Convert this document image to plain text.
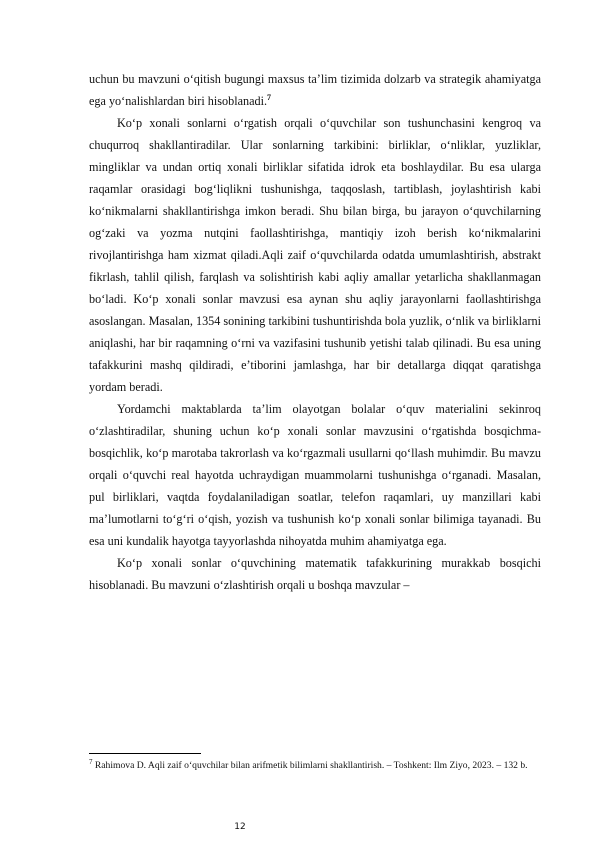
uchun bu mavzuni o‘qitish bugungi maxsus ta’lim tizimida dolzarb va strategik ahamiyatga ega yo‘nalishlardan biri hisoblanadi.$^7$

Ko‘p xonali sonlarni o‘rgatish orqali o‘quvchilar son tushunchasini kengroq va chuqurroq shakllantiradilar. Ular sonlarning tarkibini: birliklar, o‘nliklar, yuzliklar, mingliklar va undan ortiq xonali birliklar sifatida idrok eta boshlaydilar. Bu esa ularga raqamlar orasidagi bog‘liqlikni tushunishga, taqqoslash, tartiblash, joylashtirish kabi ko‘nikmalarni shakllantirishga imkon beradi. Shu bilan birga, bu jarayon o‘quvchilarning og‘zaki va yozma nutqini faollashtirishga, mantiqiy izoh berish ko‘nikmalarini rivojlantirishga ham xizmat qiladi.Aqli zaif o‘quvchilarda odatda umumlashtirish, abstrakt fikrlash, tahlil qilish, farqlash va solishtirish kabi aqliy amallar yetarlicha shakllanmagan bo‘ladi. Ko‘p xonali sonlar mavzusi esa aynan shu aqliy jarayonlarni faollashtirishga asoslangan. Masalan, 1354 sonining tarkibini tushuntirishda bola yuzlik, o‘nlik va birliklarni aniqlashi, har bir raqamning o‘rni va vazifasini tushunib yetishi talab qilinadi. Bu esa uning tafakkurini mashq qildiradi, e’tiborini jamlashga, har bir detallarga diqqat qaratishga yordam beradi.

Yordamchi maktablarda ta’lim olayotgan bolalar o‘quv materialini sekinroq o‘zlashtiradilar, shuning uchun ko‘p xonali sonlar mavzusini o‘rgatishda bosqichma-bosqichlik, ko‘p marotaba takrorlash va ko‘rgazmali usullarni qo‘llash muhimdir. Bu mavzu orqali o‘quvchi real hayotda uchraydigan muammolarni tushunishga o‘rganadi. Masalan, pul birliklari, vaqtda foydalaniladigan soatlar, telefon raqamlari, uy manzillari kabi ma’lumotlarni to‘g‘ri o‘qish, yozish va tushunish ko‘p xonali sonlar bilimiga tayanadi. Bu esa uni kundalik hayotga tayyorlashda nihoyatda muhim ahamiyatga ega.

Ko‘p xonali sonlar o‘quvchining matematik tafakkurining murakkab bosqichi hisoblanadi. Bu mavzuni o‘zlashtirish orqali u boshqa mavzular –

$^7$ Rahimova D. Aqli zaif o‘quvchilar bilan arifmetik bilimlarni shakllantirish. – Toshkent: Ilm Ziyo, 2023. – 132 b.
12
